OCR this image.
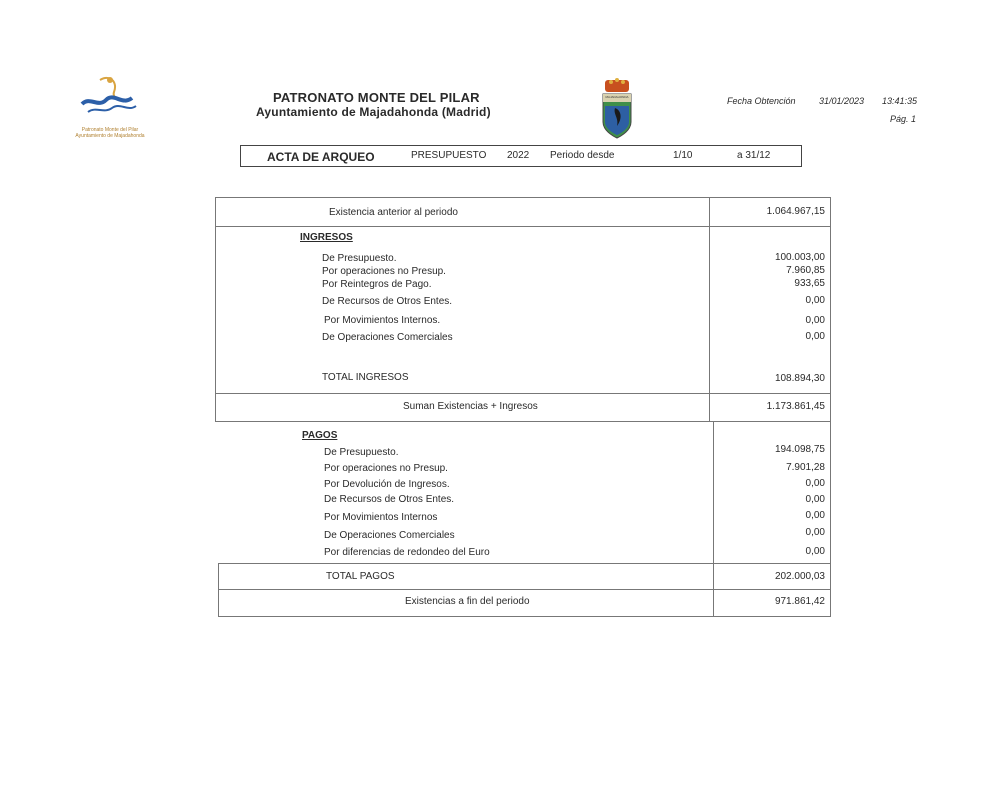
Patronato Monte del Pilar
Ayuntamiento de Majadahonda
PATRONATO MONTE DEL PILAR
Ayuntamiento de Majadahonda (Madrid)
MAJADAHONDA	Fecha Obtención	31/01/2023 13:41:35
Pág. 1
ACTA DE ARQUEO	PRESUPUESTO 2022 Periodo desde	1/10	a 31/12
Existencia anterior al periodo	1.064.967,15
INGRESOS
De Presupuesto.	100.003,00
Por operaciones no Presup.	7.960,85
Por Reintegros de Pago.	933,65
De Recursos de Otros Entes.	0,00
Por Movimientos Internos.	0,00
De Operaciones Comerciales	0,00
TOTAL INGRESOS	108.894,30
Suman Existencias + Ingresos	1.173.861,45
PAGOS
De Presupuesto.	194.098,75
Por operaciones no Presup.	7.901,28
Por Devolución de Ingresos.	0,00
De Recursos de Otros Entes.	0,00
Por Movimientos Internos	0,00
De Operaciones Comerciales	0,00
Por diferencias de redondeo del Euro	0,00
TOTAL PAGOS	202.000,03
Existencias a fin del periodo	971.861,42
